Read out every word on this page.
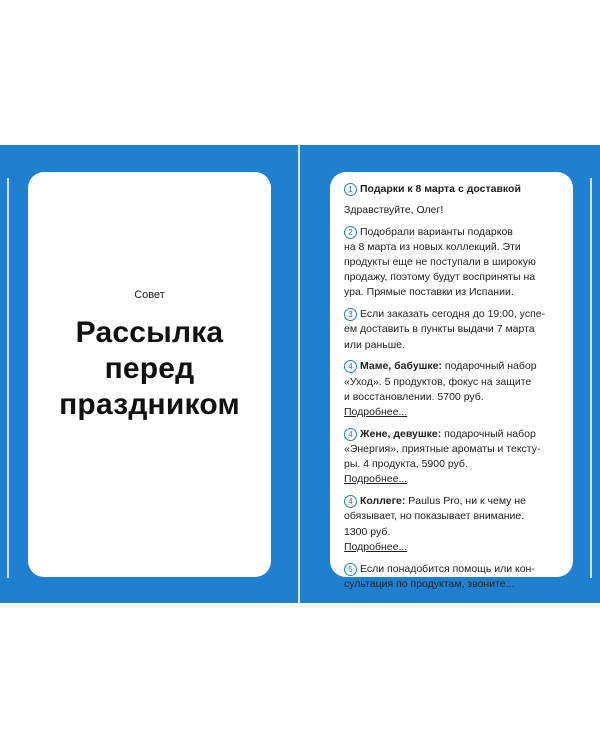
Совет
Рассылка
перед
праздником
1 Подарки к 8 марта с доставкой
Здравствуйте, Олег!
2 Подобрали варианты подарков
на 8 марта из новых коллекций. Эти
продукты еще не поступали в широкую
продажу, поэтому будут восприняты на
ура. Прямые поставки из Испании.
3 Если заказать сегодня до 19:00, успе-
ем доставить в пункты выдачи 7 марта
или раньше.
4 Маме, бабушке: подарочный набор
«Уход». 5 продуктов, фокус на защите
и восстановлении. 5700 руб.
Подробнее...
4 Жене, девушке: подарочный набор
«Энергия», приятные ароматы и тексту-
ры. 4 продукта, 5900 руб.
Подробнее...
4 Коллеге: Paulus Pro, ни к чему не
обязывает, но показывает внимание.
1300 руб.
Подробнее...
5 Если понадобится помощь или кон-
сультация по продуктам, звоните...
